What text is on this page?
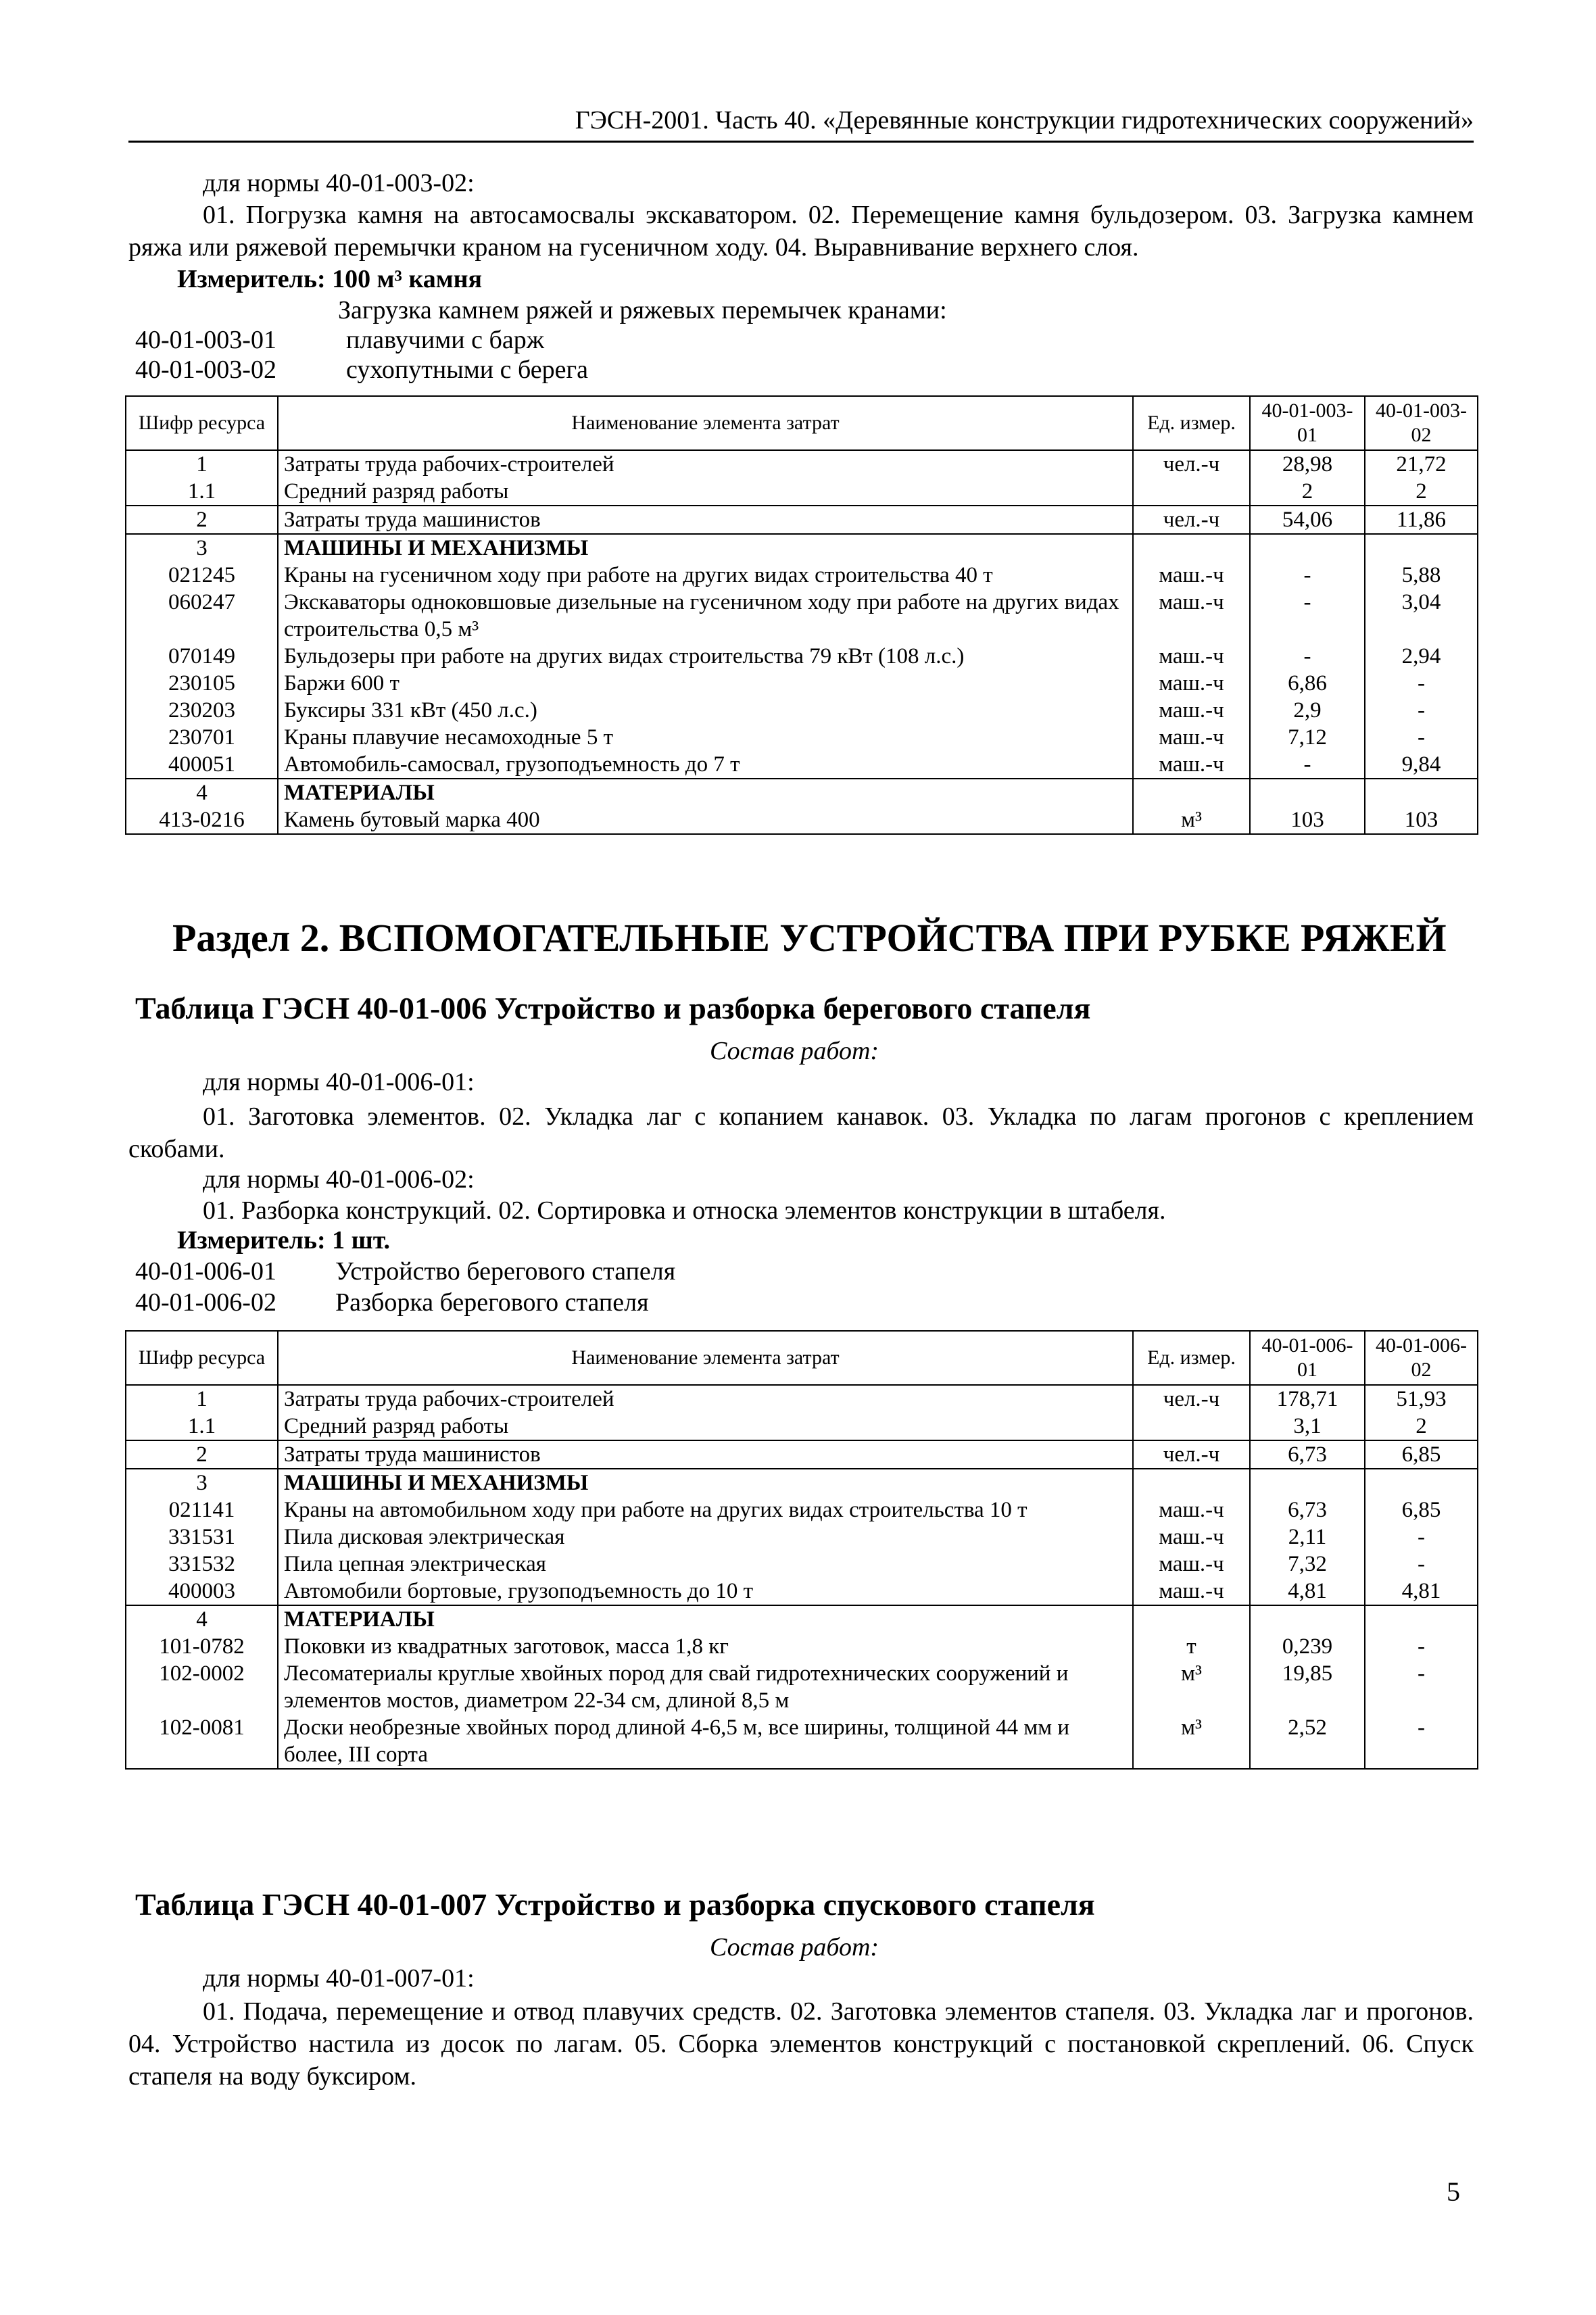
ГЭСН-2001. Часть 40. «Деревянные конструкции гидротехнических сооружений»
для нормы 40-01-003-02:
01. Погрузка камня на автосамосвалы экскаватором. 02. Перемещение камня бульдозером. 03. Загрузка камнем ряжа или ряжевой перемычки краном на гусеничном ходу. 04. Выравнивание верхнего слоя.
Измеритель: 100 м³ камня
Загрузка камнем ряжей и ряжевых перемычек кранами:
40-01-003-01	плавучими с барж
40-01-003-02	сухопутными с берега
Шифр ресурса	Наименование элемента затрат	Ед. измер.	40-01-003-01	40-01-003-02
1	Затраты труда рабочих-строителей	чел.-ч	28,98	21,72
1.1	Средний разряд работы		2	2
2	Затраты труда машинистов	чел.-ч	54,06	11,86
3	МАШИНЫ И МЕХАНИЗМЫ			
021245	Краны на гусеничном ходу при работе на других видах строительства 40 т	маш.-ч	-	5,88
060247	Экскаваторы одноковшовые дизельные на гусеничном ходу при работе на других видах строительства 0,5 м³	маш.-ч	-	3,04
070149	Бульдозеры при работе на других видах строительства 79 кВт (108 л.с.)	маш.-ч	-	2,94
230105	Баржи 600 т	маш.-ч	6,86	-
230203	Буксиры 331 кВт (450 л.с.)	маш.-ч	2,9	-
230701	Краны плавучие несамоходные 5 т	маш.-ч	7,12	-
400051	Автомобиль-самосвал, грузоподъемность до 7 т	маш.-ч	-	9,84
4	МАТЕРИАЛЫ			
413-0216	Камень бутовый марка 400	м³	103	103
Раздел 2. ВСПОМОГАТЕЛЬНЫЕ УСТРОЙСТВА ПРИ РУБКЕ РЯЖЕЙ
Таблица ГЭСН 40-01-006 Устройство и разборка берегового стапеля
Состав работ:
для нормы 40-01-006-01:
01. Заготовка элементов. 02. Укладка лаг с копанием канавок. 03. Укладка по лагам прогонов с креплением скобами.
для нормы 40-01-006-02:
01. Разборка конструкций. 02. Сортировка и относка элементов конструкции в штабеля.
Измеритель: 1 шт.
40-01-006-01 Устройство берегового стапеля
40-01-006-02 Разборка берегового стапеля
Шифр ресурса	Наименование элемента затрат	Ед. измер.	40-01-006-01	40-01-006-02
1	Затраты труда рабочих-строителей	чел.-ч	178,71	51,93
1.1	Средний разряд работы		3,1	2
2	Затраты труда машинистов	чел.-ч	6,73	6,85
3	МАШИНЫ И МЕХАНИЗМЫ			
021141	Краны на автомобильном ходу при работе на других видах строительства 10 т	маш.-ч	6,73	6,85
331531	Пила дисковая электрическая	маш.-ч	2,11	-
331532	Пила цепная электрическая	маш.-ч	7,32	-
400003	Автомобили бортовые, грузоподъемность до 10 т	маш.-ч	4,81	4,81
4	МАТЕРИАЛЫ			
101-0782	Поковки из квадратных заготовок, масса 1,8 кг	т	0,239	-
102-0002	Лесоматериалы круглые хвойных пород для свай гидротехнических сооружений и элементов мостов, диаметром 22-34 см, длиной 8,5 м	м³	19,85	-
102-0081	Доски необрезные хвойных пород длиной 4-6,5 м, все ширины, толщиной 44 мм и более, III сорта	м³	2,52	-
Таблица ГЭСН 40-01-007 Устройство и разборка спускового стапеля
Состав работ:
для нормы 40-01-007-01:
01. Подача, перемещение и отвод плавучих средств. 02. Заготовка элементов стапеля. 03. Укладка лаг и прогонов. 04. Устройство настила из досок по лагам. 05. Сборка элементов конструкций с постановкой скреплений. 06. Спуск стапеля на воду буксиром.
5
